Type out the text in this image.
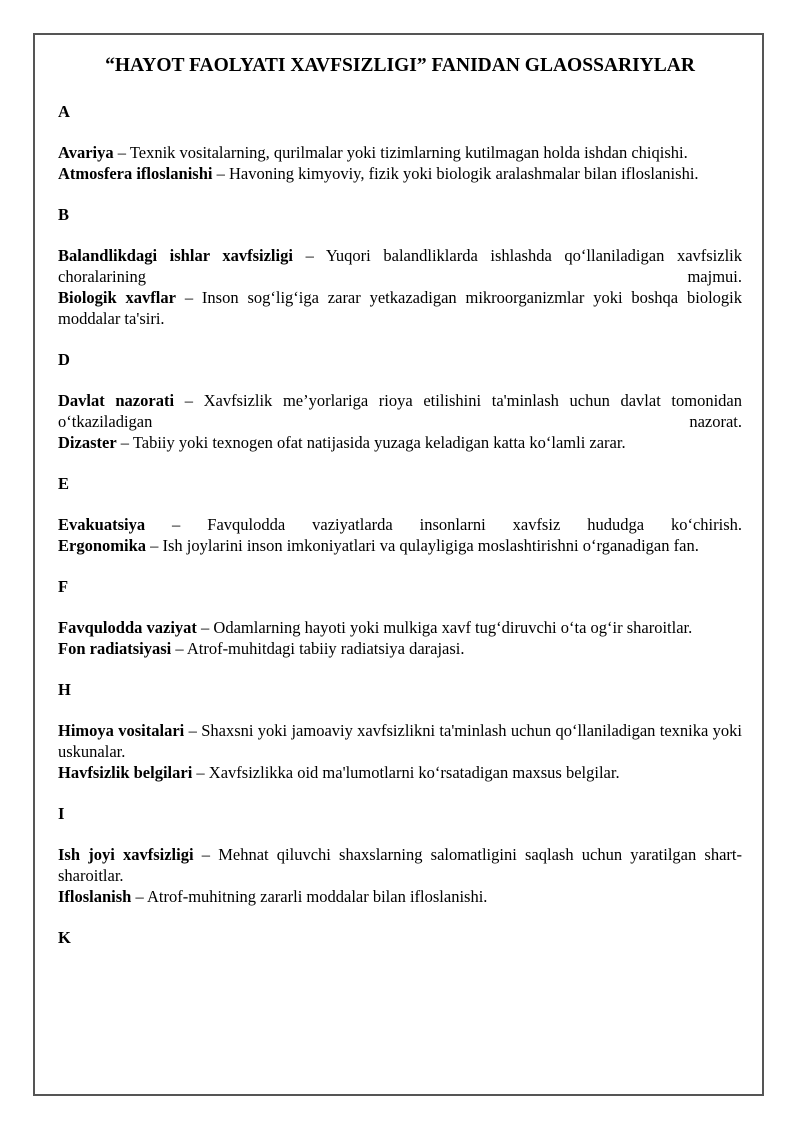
“HAYOT FAOLYATI XAVFSIZLIGI” FANIDAN GLAOSSARIYLAR
A

Avariya – Texnik vositalarning, qurilmalar yoki tizimlarning kutilmagan holda ishdan chiqishi.

Atmosfera ifloslanishi – Havoning kimyoviy, fizik yoki biologik aralashmalar bilan ifloslanishi.

B

Balandlikdagi ishlar xavfsizligi – Yuqori balandliklarda ishlashda qo‘llaniladigan xavfsizlik choralarining majmui.

Biologik xavflar – Inson sog‘lig‘iga zarar yetkazadigan mikroorganizmlar yoki boshqa biologik moddalar ta'siri.

D

Davlat nazorati – Xavfsizlik me’yorlariga rioya etilishini ta'minlash uchun davlat tomonidan o‘tkaziladigan nazorat.

Dizaster – Tabiiy yoki texnogen ofat natijasida yuzaga keladigan katta ko‘lamli zarar.

E

Evakuatsiya – Favqulodda vaziyatlarda insonlarni xavfsiz hududga ko‘chirish.

Ergonomika – Ish joylarini inson imkoniyatlari va qulayligiga moslashtirishni o‘rganadigan fan.

F

Favqulodda vaziyat – Odamlarning hayoti yoki mulkiga xavf tug‘diruvchi o‘ta og‘ir sharoitlar.

Fon radiatsiyasi – Atrof-muhitdagi tabiiy radiatsiya darajasi.

H

Himoya vositalari – Shaxsni yoki jamoaviy xavfsizlikni ta'minlash uchun qo‘llaniladigan texnika yoki uskunalar.

Havfsizlik belgilari – Xavfsizlikka oid ma'lumotlarni ko‘rsatadigan maxsus belgilar.

I

Ish joyi xavfsizligi – Mehnat qiluvchi shaxslarning salomatligini saqlash uchun yaratilgan shart-sharoitlar.

Ifloslanish – Atrof-muhitning zararli moddalar bilan ifloslanishi.

K
